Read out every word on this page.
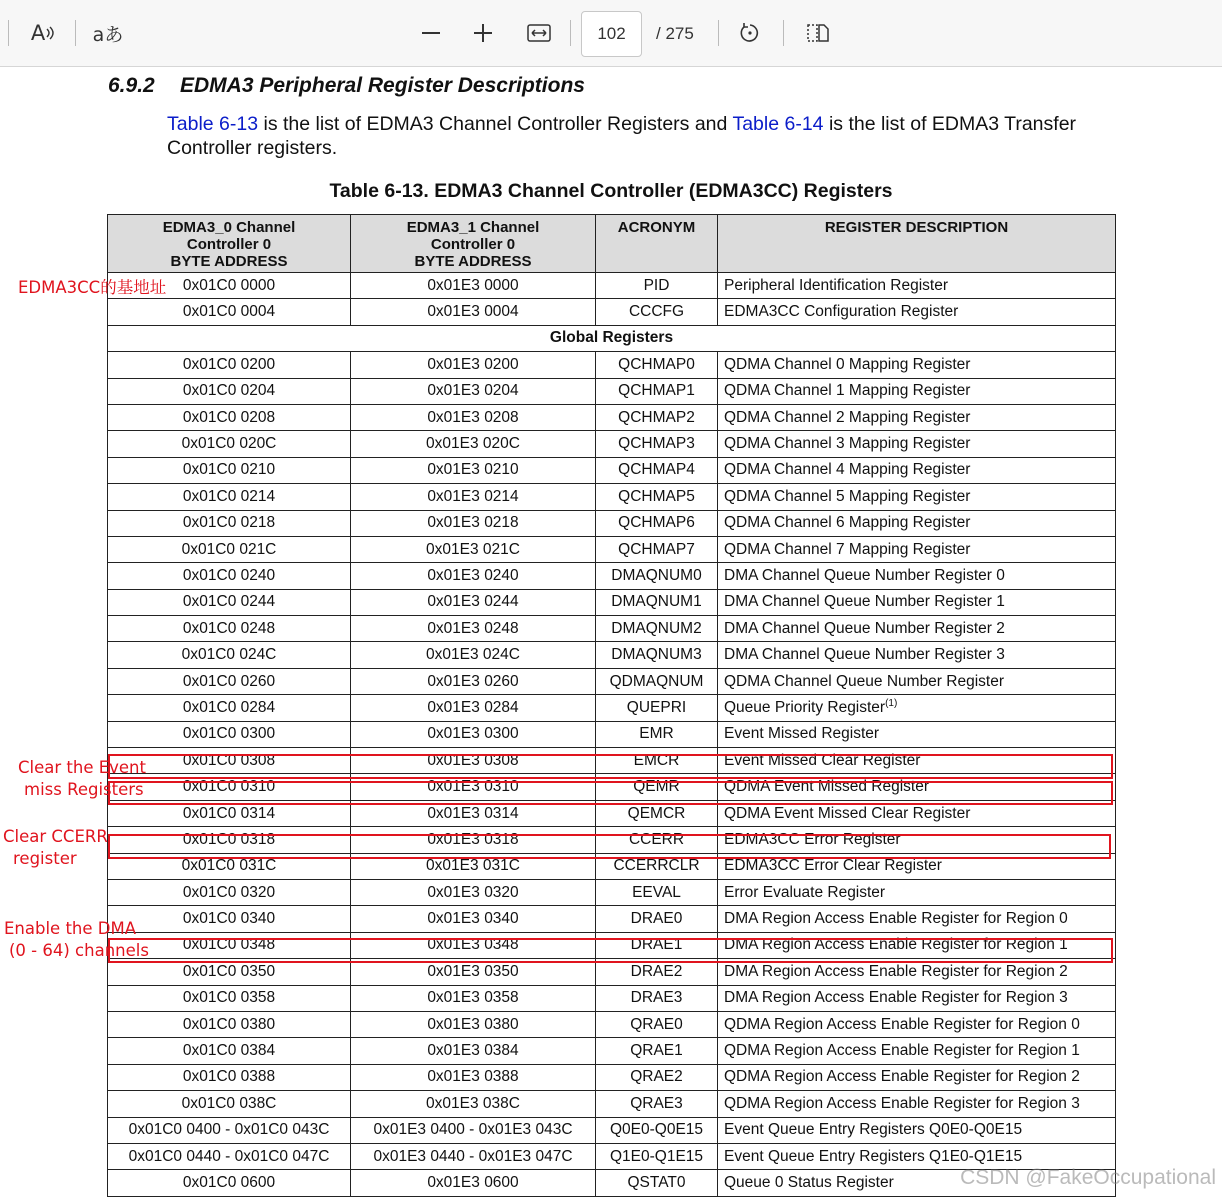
A aあ	102 / 275
6.9.2 EDMA3 Peripheral Register Descriptions
Table 6-13 is the list of EDMA3 Channel Controller Registers and Table 6-14 is the list of EDMA3 Transfer Controller registers.
Table 6-13. EDMA3 Channel Controller (EDMA3CC) Registers
EDMA3_0 Channel
Controller 0
BYTE ADDRESS	EDMA3_1 Channel
Controller 0
BYTE ADDRESS	ACRONYM	REGISTER DESCRIPTION
0x01C0 0000	0x01E3 0000	PID	Peripheral Identification Register
0x01C0 0004	0x01E3 0004	CCCFG	EDMA3CC Configuration Register
Global Registers			
0x01C0 0200	0x01E3 0200	QCHMAP0	QDMA Channel 0 Mapping Register
0x01C0 0204	0x01E3 0204	QCHMAP1	QDMA Channel 1 Mapping Register
0x01C0 0208	0x01E3 0208	QCHMAP2	QDMA Channel 2 Mapping Register
0x01C0 020C	0x01E3 020C	QCHMAP3	QDMA Channel 3 Mapping Register
0x01C0 0210	0x01E3 0210	QCHMAP4	QDMA Channel 4 Mapping Register
0x01C0 0214	0x01E3 0214	QCHMAP5	QDMA Channel 5 Mapping Register
0x01C0 0218	0x01E3 0218	QCHMAP6	QDMA Channel 6 Mapping Register
0x01C0 021C	0x01E3 021C	QCHMAP7	QDMA Channel 7 Mapping Register
0x01C0 0240	0x01E3 0240	DMAQNUM0	DMA Channel Queue Number Register 0
0x01C0 0244	0x01E3 0244	DMAQNUM1	DMA Channel Queue Number Register 1
0x01C0 0248	0x01E3 0248	DMAQNUM2	DMA Channel Queue Number Register 2
0x01C0 024C	0x01E3 024C	DMAQNUM3	DMA Channel Queue Number Register 3
0x01C0 0260	0x01E3 0260	QDMAQNUM	QDMA Channel Queue Number Register
0x01C0 0284	0x01E3 0284	QUEPRI	Queue Priority Register$^{(1)}$
0x01C0 0300	0x01E3 0300	EMR	Event Missed Register
0x01C0 0308	0x01E3 0308	EMCR	Event Missed Clear Register
0x01C0 0310	0x01E3 0310	QEMR	QDMA Event Missed Register
0x01C0 0314	0x01E3 0314	QEMCR	QDMA Event Missed Clear Register
0x01C0 0318	0x01E3 0318	CCERR	EDMA3CC Error Register
0x01C0 031C	0x01E3 031C	CCERRCLR	EDMA3CC Error Clear Register
0x01C0 0320	0x01E3 0320	EEVAL	Error Evaluate Register
0x01C0 0340	0x01E3 0340	DRAE0	DMA Region Access Enable Register for Region 0
0x01C0 0348	0x01E3 0348	DRAE1	DMA Region Access Enable Register for Region 1
0x01C0 0350	0x01E3 0350	DRAE2	DMA Region Access Enable Register for Region 2
0x01C0 0358	0x01E3 0358	DRAE3	DMA Region Access Enable Register for Region 3
0x01C0 0380	0x01E3 0380	QRAE0	QDMA Region Access Enable Register for Region 0
0x01C0 0384	0x01E3 0384	QRAE1	QDMA Region Access Enable Register for Region 1
0x01C0 0388	0x01E3 0388	QRAE2	QDMA Region Access Enable Register for Region 2
0x01C0 038C	0x01E3 038C	QRAE3	QDMA Region Access Enable Register for Region 3
0x01C0 0400 - 0x01C0 043C	0x01E3 0400 - 0x01E3 043C	Q0E0-Q0E15	Event Queue Entry Registers Q0E0-Q0E15
0x01C0 0440 - 0x01C0 047C	0x01E3 0440 - 0x01E3 047C	Q1E0-Q1E15	Event Queue Entry Registers Q1E0-Q1E15
0x01C0 0600	0x01E3 0600	QSTAT0	Queue 0 Status Register
EDMA3CC的基地址
Clear the Event
miss Registers
Clear CCERR
register
Enable the DMA
(0 - 64) channels
CSDN @FakeOccupational
